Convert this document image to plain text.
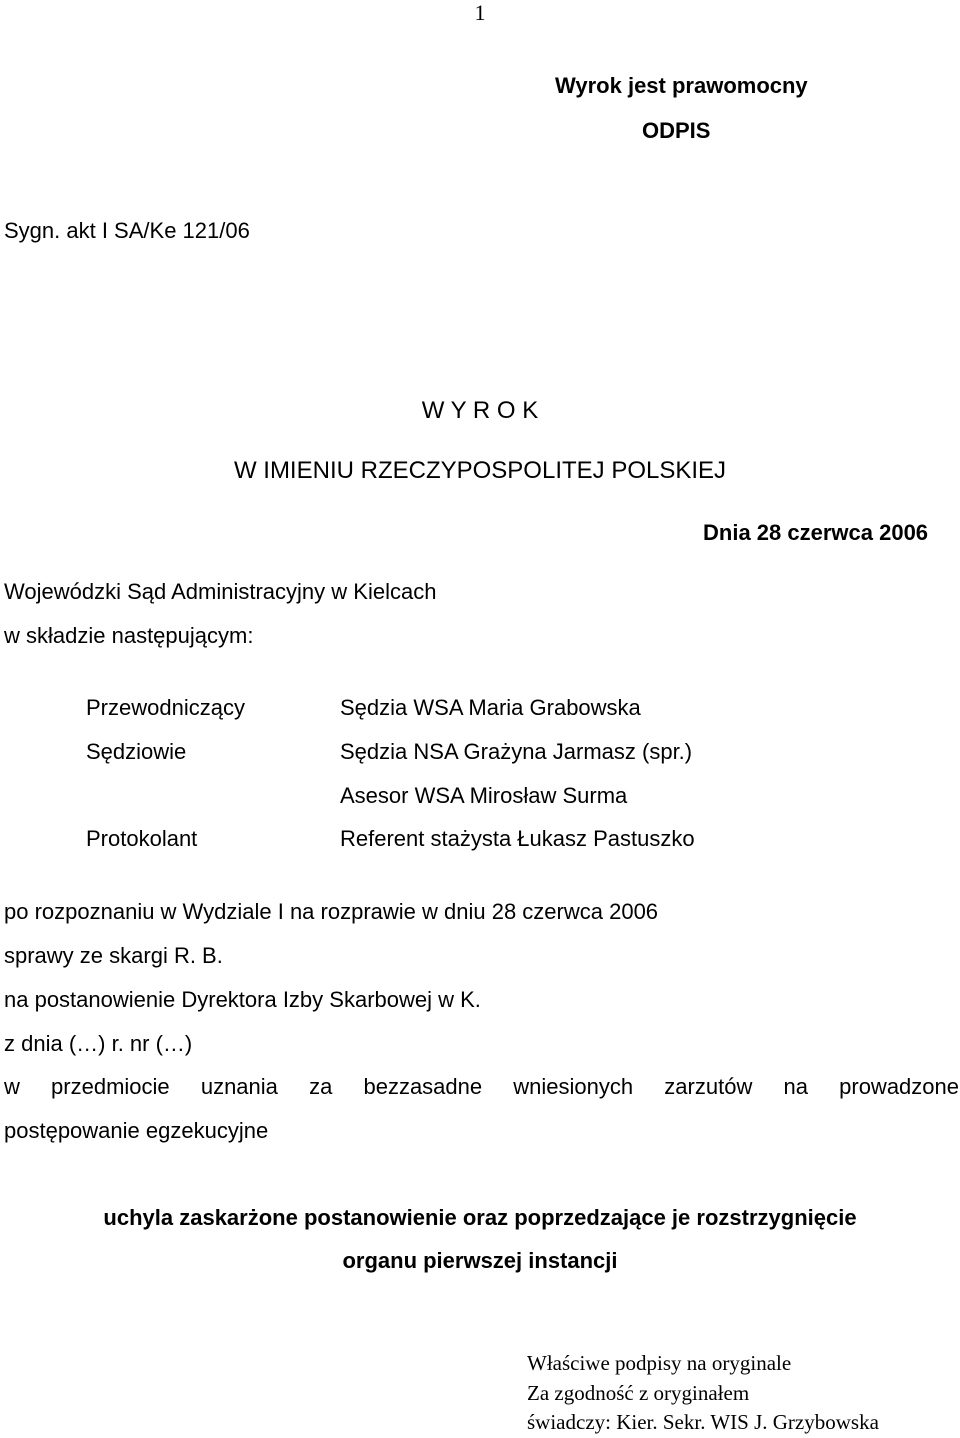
1
Wyrok jest prawomocny
ODPIS
Sygn. akt I SA/Ke 121/06
W Y R O K
W IMIENIU RZECZYPOSPOLITEJ POLSKIEJ
Dnia 28 czerwca 2006
Wojewódzki Sąd Administracyjny w Kielcach
w składzie następującym:
Przewodniczący	Sędzia WSA Maria Grabowska
Sędziowie	Sędzia NSA Grażyna Jarmasz (spr.)
Asesor WSA Mirosław Surma
Protokolant	Referent stażysta Łukasz Pastuszko
po rozpoznaniu w Wydziale I na rozprawie w dniu 28 czerwca 2006
sprawy ze skargi R. B.
na postanowienie Dyrektora Izby Skarbowej w K.
z dnia (…) r. nr (…)
w przedmiocie uznania za bezzasadne wniesionych zarzutów na prowadzone
postępowanie egzekucyjne
uchyla zaskarżone postanowienie oraz poprzedzające je rozstrzygnięcie
organu pierwszej instancji
Właściwe podpisy na oryginale
Za zgodność z oryginałem
świadczy: Kier. Sekr. WIS J. Grzybowska
